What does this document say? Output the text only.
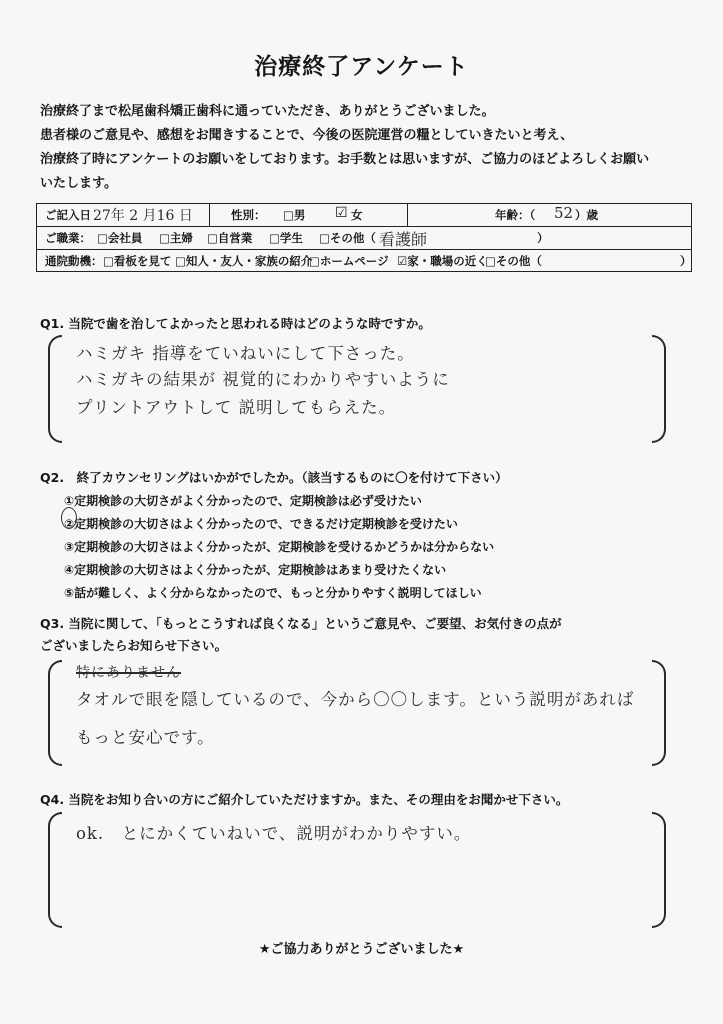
治療終了アンケート
治療終了まで松尾歯科矯正歯科に通っていただき、ありがとうございました。
患者様のご意見や、感想をお聞きすることで、今後の医院運営の糧としていきたいと考え、
治療終了時にアンケートのお願いをしております。お手数とは思いますが、ご協力のほどよろしくお願い
いたします。
ご記入日 27年 2 月16 日	性別： □男 ☑ 女	年齢：（ 52 ）歳
ご職業： □会社員 □主婦 □自営業 □学生 □その他（ 看護師	）
通院動機： □看板を見て □知人・友人・家族の紹介
□ホームページ ☑家・職場の近く
□その他（	）
Q1. 当院で歯を治してよかったと思われる時はどのような時ですか。
ハミガキ 指導をていねいにして下さった。
ハミガキの結果が 視覚的にわかりやすいように
プリントアウトして 説明してもらえた。
Q2.　終了カウンセリングはいかがでしたか。（該当するものに〇を付けて下さい）
①定期検診の大切さがよく分かったので、定期検診は必ず受けたい
②定期検診の大切さはよく分かったので、できるだけ定期検診を受けたい
③定期検診の大切さはよく分かったが、定期検診を受けるかどうかは分からない
④定期検診の大切さはよく分かったが、定期検診はあまり受けたくない
⑤話が難しく、よく分からなかったので、もっと分かりやすく説明してほしい
Q3. 当院に関して、「もっとこうすれば良くなる」というご意見や、ご要望、お気付きの点が
ございましたらお知らせ下さい。
特にありません
タオルで眼を隠しているので、今から〇〇します。という説明があれば
もっと安心です。
Q4. 当院をお知り合いの方にご紹介していただけますか。また、その理由をお聞かせ下さい。
ok.　とにかくていねいで、説明がわかりやすい。
★ご協力ありがとうございました★
